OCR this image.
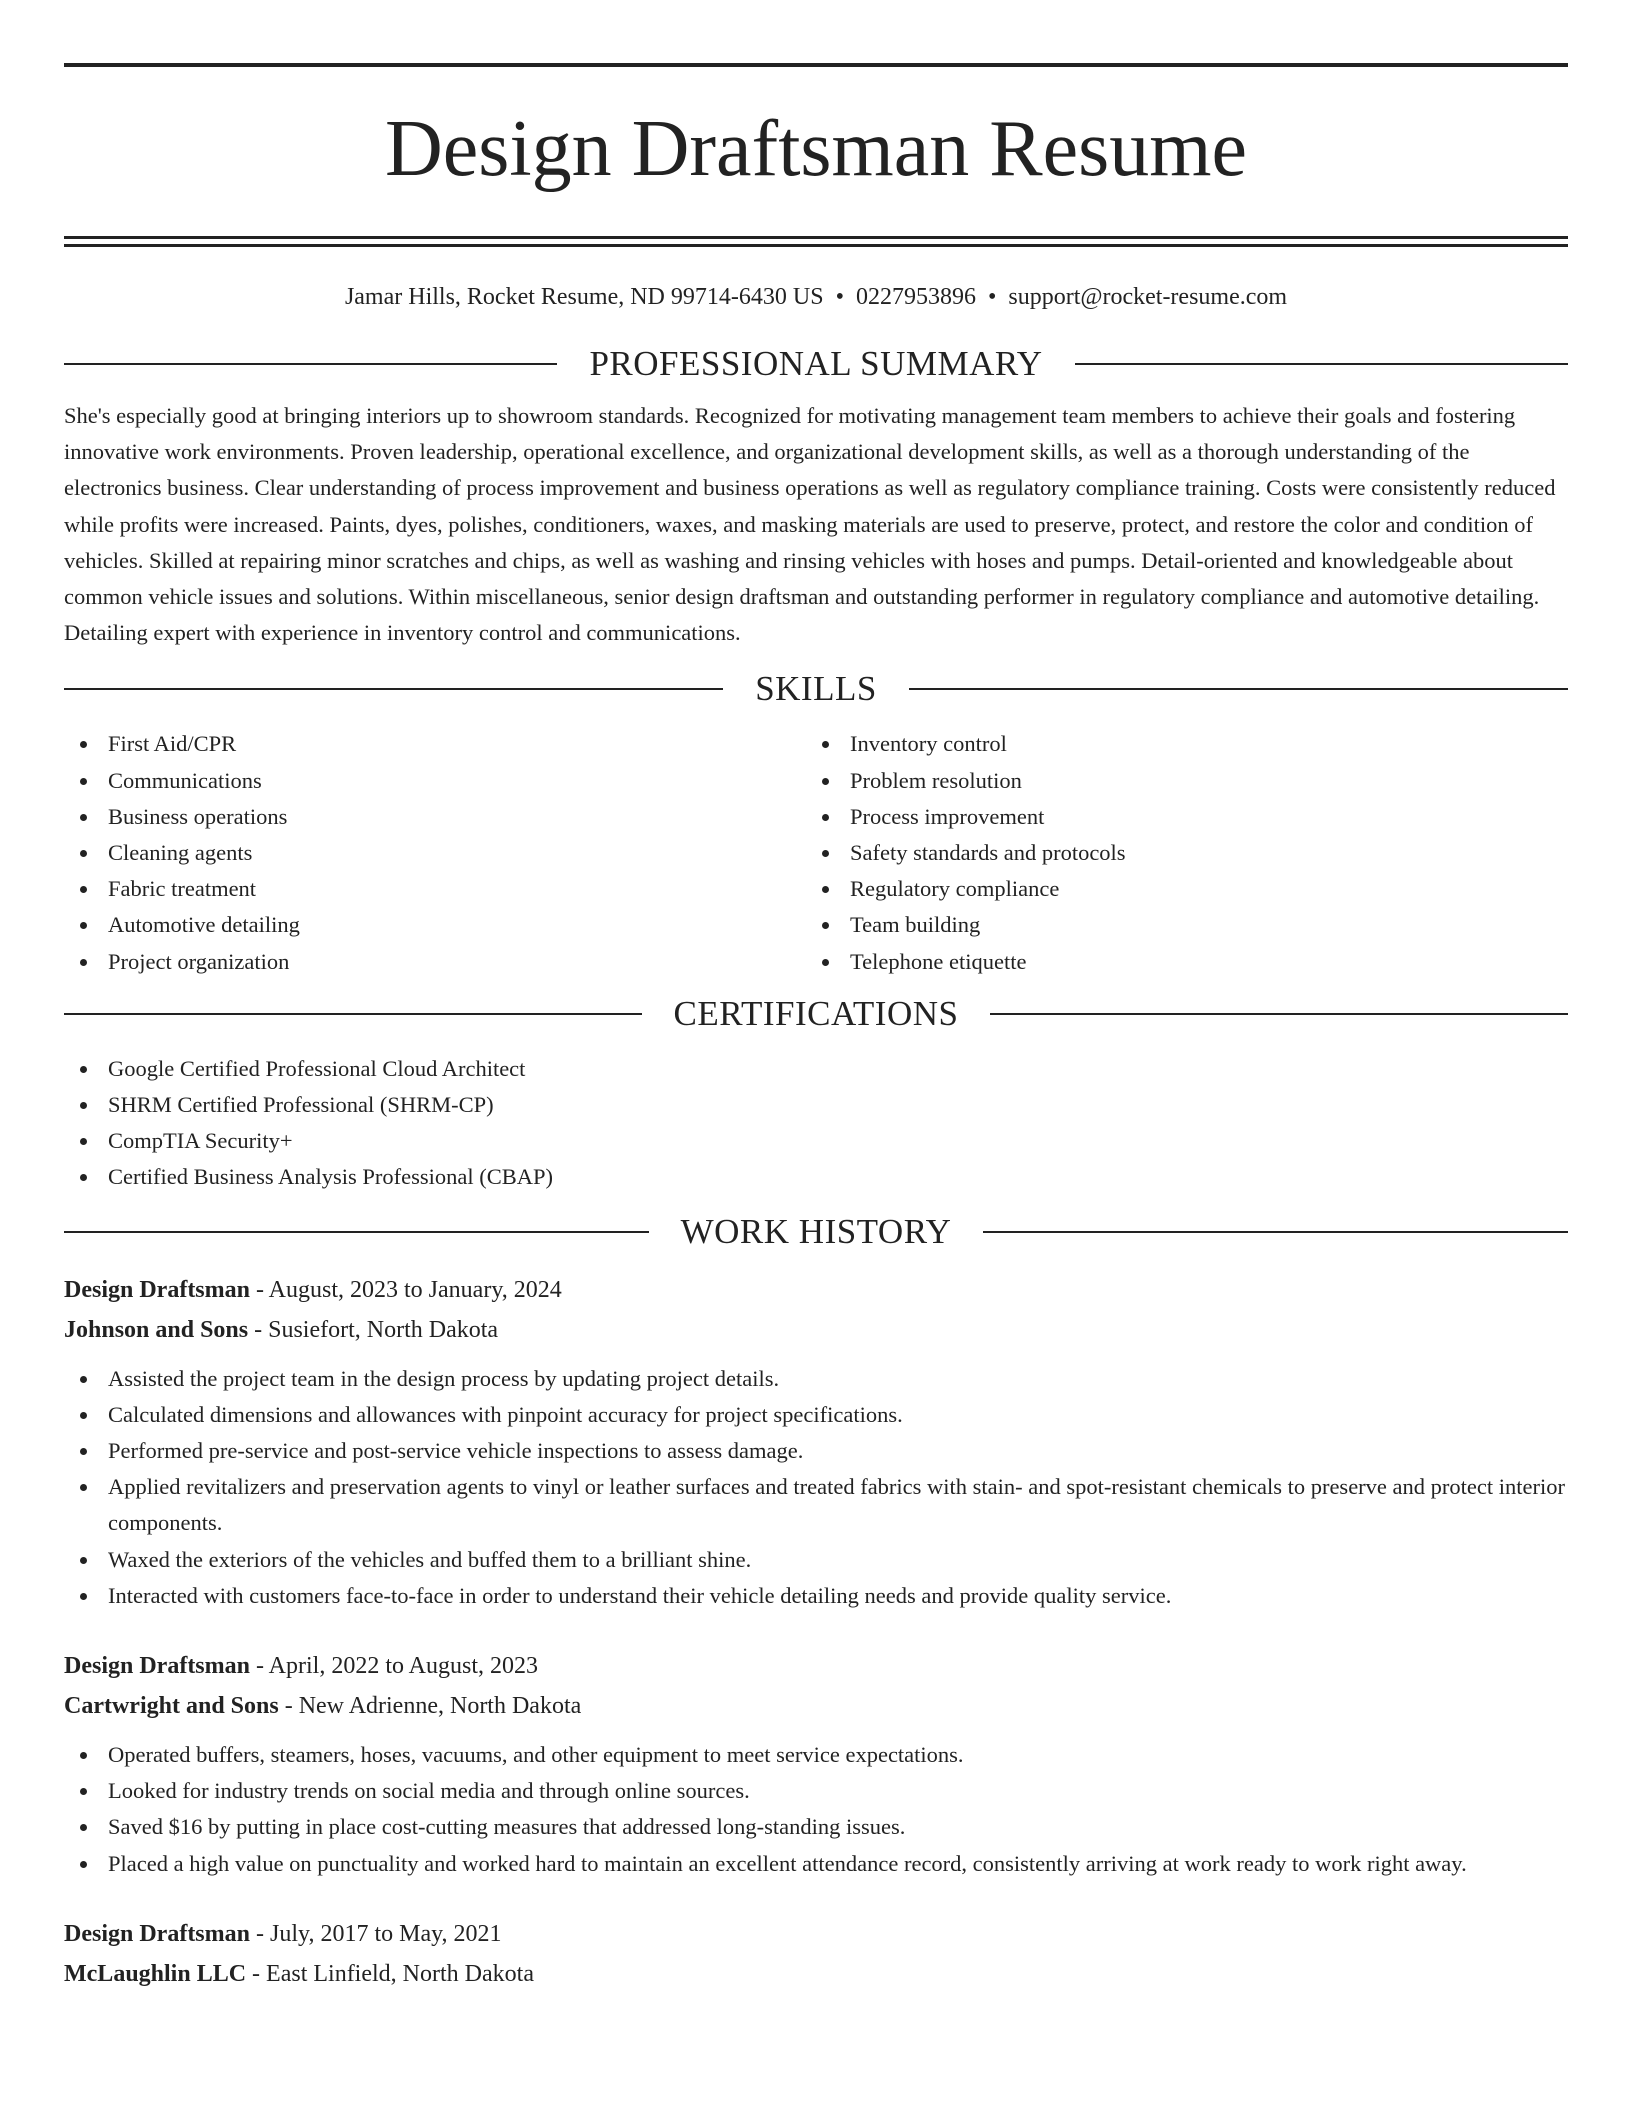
Design Draftsman Resume
Jamar Hills, Rocket Resume, ND 99714-6430 US • 0227953896 • support@rocket-resume.com
PROFESSIONAL SUMMARY

She's especially good at bringing interiors up to showroom standards. Recognized for motivating management team members to achieve their goals and fostering innovative work environments. Proven leadership, operational excellence, and organizational development skills, as well as a thorough understanding of the electronics business. Clear understanding of process improvement and business operations as well as regulatory compliance training. Costs were consistently reduced while profits were increased. Paints, dyes, polishes, conditioners, waxes, and masking materials are used to preserve, protect, and restore the color and condition of vehicles. Skilled at repairing minor scratches and chips, as well as washing and rinsing vehicles with hoses and pumps. Detail-oriented and knowledgeable about common vehicle issues and solutions. Within miscellaneous, senior design draftsman and outstanding performer in regulatory compliance and automotive detailing. Detailing expert with experience in inventory control and communications.

SKILLS
First Aid/CPR
Communications
Business operations
Cleaning agents
Fabric treatment
Automotive detailing
Project organization
Inventory control
Problem resolution
Process improvement
Safety standards and protocols
Regulatory compliance
Team building
Telephone etiquette
CERTIFICATIONS
Google Certified Professional Cloud Architect
SHRM Certified Professional (SHRM-CP)
CompTIA Security+
Certified Business Analysis Professional (CBAP)
WORK HISTORY
Design Draftsman - August, 2023 to January, 2024
Johnson and Sons - Susiefort, North Dakota
Assisted the project team in the design process by updating project details.
Calculated dimensions and allowances with pinpoint accuracy for project specifications.
Performed pre-service and post-service vehicle inspections to assess damage.
Applied revitalizers and preservation agents to vinyl or leather surfaces and treated fabrics with stain- and spot-resistant chemicals to preserve and protect interior components.
Waxed the exteriors of the vehicles and buffed them to a brilliant shine.
Interacted with customers face-to-face in order to understand their vehicle detailing needs and provide quality service.
Design Draftsman - April, 2022 to August, 2023
Cartwright and Sons - New Adrienne, North Dakota
Operated buffers, steamers, hoses, vacuums, and other equipment to meet service expectations.
Looked for industry trends on social media and through online sources.
Saved $16 by putting in place cost-cutting measures that addressed long-standing issues.
Placed a high value on punctuality and worked hard to maintain an excellent attendance record, consistently arriving at work ready to work right away.
Design Draftsman - July, 2017 to May, 2021
McLaughlin LLC - East Linfield, North Dakota
